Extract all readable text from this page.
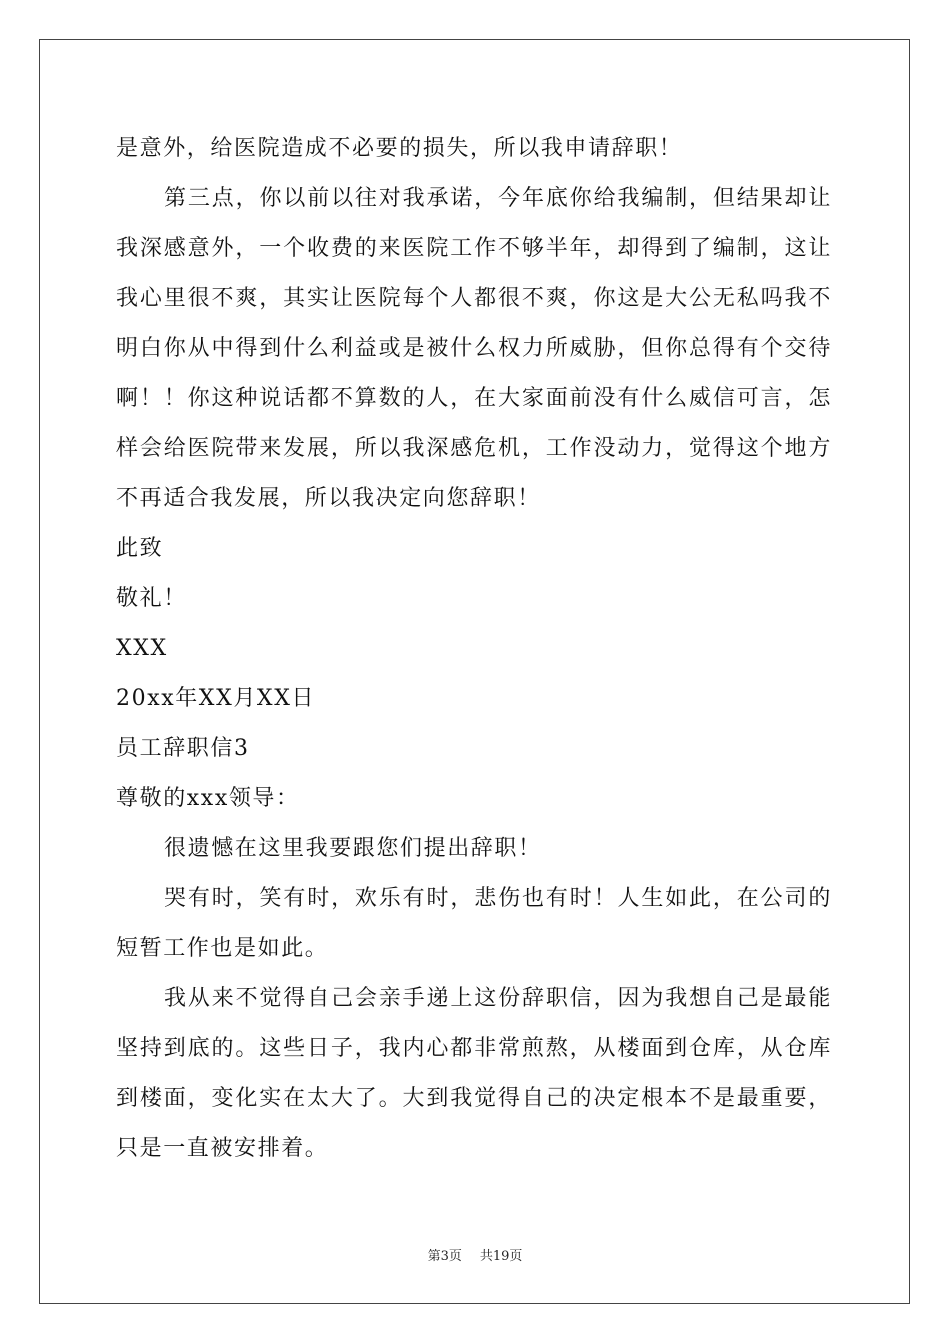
是意外，给医院造成不必要的损失，所以我申请辞职！

第三点，你以前以往对我承诺，今年底你给我编制，但结果却让我深感意外，一个收费的来医院工作不够半年，却得到了编制，这让我心里很不爽，其实让医院每个人都很不爽，你这是大公无私吗我不明白你从中得到什么利益或是被什么权力所威胁，但你总得有个交待啊！！你这种说话都不算数的人，在大家面前没有什么威信可言，怎样会给医院带来发展，所以我深感危机，工作没动力，觉得这个地方不再适合我发展，所以我决定向您辞职！

此致

敬礼！

XXX

20xx年XX月XX日

员工辞职信3

尊敬的xxx领导：

很遗憾在这里我要跟您们提出辞职！

哭有时，笑有时，欢乐有时，悲伤也有时！人生如此，在公司的短暂工作也是如此。

我从来不觉得自己会亲手递上这份辞职信，因为我想自己是最能坚持到底的。这些日子，我内心都非常煎熬，从楼面到仓库，从仓库到楼面，变化实在太大了。大到我觉得自己的决定根本不是最重要，只是一直被安排着。

第3页 共19页
